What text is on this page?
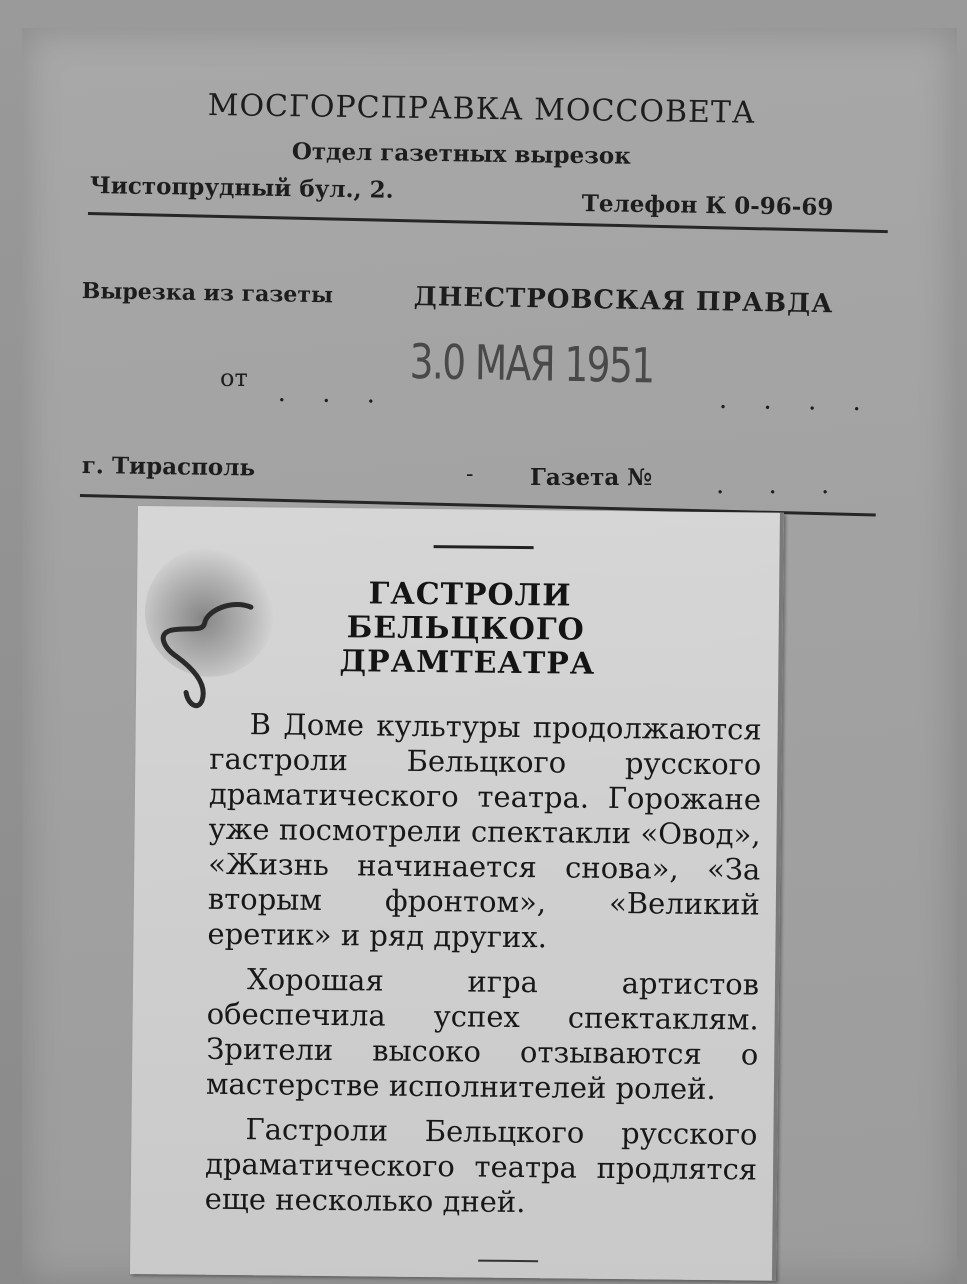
МОСГОРСПРАВКА МОССОВЕТА
Отдел газетных вырезок
Чистопрудный бул., 2.
Телефон К 0-96-69
Вырезка из газеты	ДНЕСТРОВСКАЯ ПРАВДА
от . . .	. . . .
3.0 МАЯ 1951
г. Тирасполь	- Газета № . . .
ГАСТРОЛИ
БЕЛЬЦКОГО
ДРАМТЕАТРА

В Доме культуры продолжаются гастроли Бельцкого русского драматического театра. Горожане уже посмотрели спектакли «Овод», «Жизнь начинается снова», «За вторым фронтом», «Великий еретик» и ряд других.

Хорошая игра артистов обеспечила успех спектаклям. Зрители высоко отзываются о мастерстве исполнителей ролей.

Гастроли Бельцкого русского драматического театра продлятся еще несколько дней.
